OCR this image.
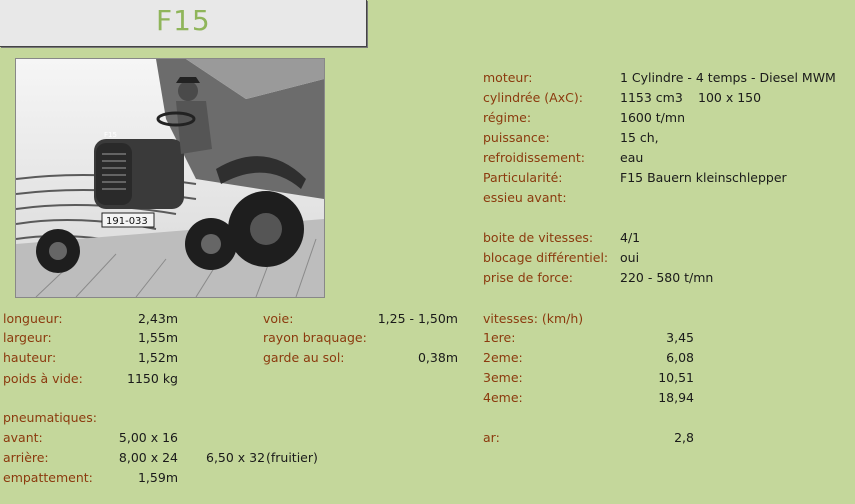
F15
F15
191-033
moteur:	1 Cylindre - 4 temps - Diesel MWM
cylindrée (AxC):	1153 cm3 100 x 150
régime:	1600 t/mn
puissance:	15 ch,
refroidissement:	eau
Particularité:	F15 Bauern kleinschlepper
essieu avant:
boite de vitesses: 4/1
blocage différentiel: oui
prise de force:	220 - 580 t/mn
longueur:	2,43m
largeur:	1,55m
hauteur:	1,52m
poids à vide:	1150 kg
voie:	1,25 - 1,50m
rayon braquage:
garde au sol:	0,38m
pneumatiques:
avant:	5,00 x 16
arrière:	8,00 x 24 6,50 x 32 (fruitier)
empattement:	1,59m
vitesses: (km/h)
1ere:	3,45
2eme:	6,08
3eme:	10,51
4eme:	18,94
ar:	2,8
